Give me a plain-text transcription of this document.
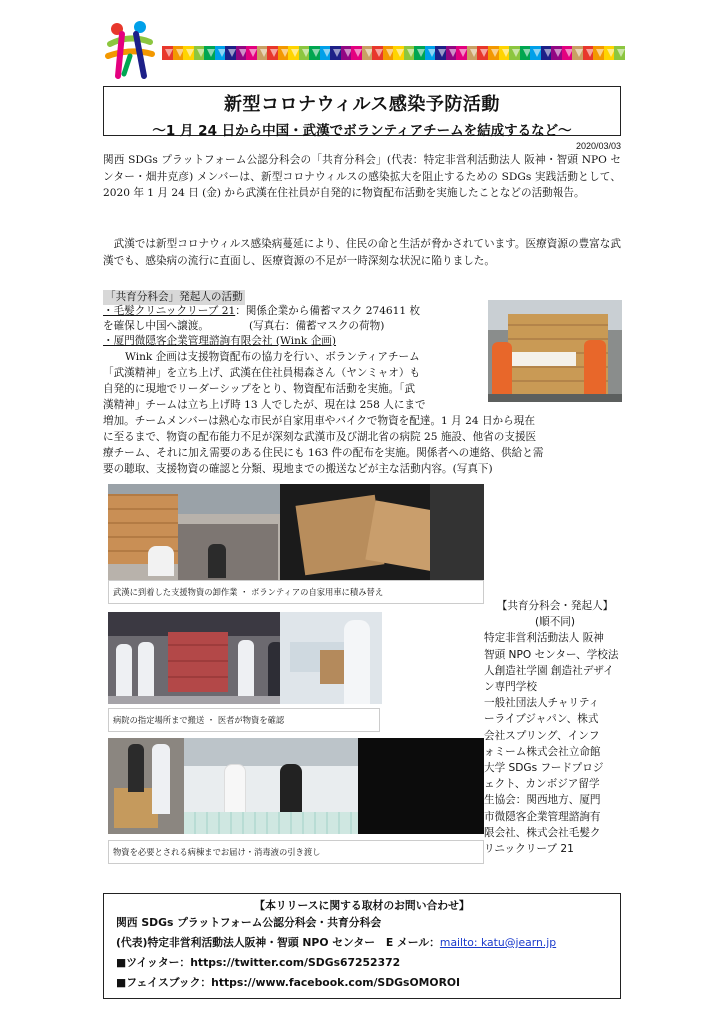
新型コロナウィルス感染予防活動
～1 月 24 日から中国・武漢でボランティアチームを結成するなど～
2020/03/03
関西 SDGs プラットフォーム公認分科会の「共育分科会」(代表：特定非営利活動法人 阪神・智頭 NPO センター・畑井克彦) メンバーは、新型コロナウィルスの感染拡大を阻止するための SDGs 実践活動として、2020 年 1 月 24 日 (金) から武漢在住社員が自発的に物資配布活動を実施したことなどの活動報告。
武漢では新型コロナウィルス感染病蔓延により、住民の命と生活が脅かされています。医療資源の豊富な武漢でも、感染病の流行に直面し、医療資源の不足が一時深刻な状況に陥りました。
「共育分科会」発起人の活動
・毛髪クリニックリーブ 21：関係企業から備蓄マスク 274611 枚
を確保し中国へ譲渡。	(写真右：備蓄マスクの荷物)
・厦門微隠客企業管理諮詢有限会社 (Wink 企画)
Wink 企画は支援物資配布の協力を行い、ボランティアチーム
「武漢精神」を立ち上げ、武漢在住社員楊森さん（ヤンミャオ）も
自発的に現地でリーダーシップをとり、物資配布活動を実施。「武
漢精神」チームは立ち上げ時 13 人でしたが、現在は 258 人にまで
増加。チームメンバーは熱心な市民が自家用車やバイクで物資を配達。1 月 24 日から現在
に至るまで、物資の配布能力不足が深刻な武漢市及び湖北省の病院 25 施設、他省の支援医
療チーム、それに加え需要のある住民にも 163 件の配布を実施。関係者への連絡、供給と需
要の聴取、支援物資の確認と分類、現地までの搬送などが主な活動内容。(写真下)
武漢に到着した支援物資の卸作業 ・ ボランティアの自家用車に積み替え
病院の指定場所まで搬送 ・ 医者が物資を確認
物資を必要とされる病棟までお届け・消毒液の引き渡し
【共育分科会・発起人】
(順不同)
特定非営利活動法人 阪神
智頭 NPO センター、学校法
人創造社学園 創造社デザイ
ン専門学校
一般社団法人チャリティ
ーライブジャパン、株式
会社スプリング、インフ
ォミーム株式会社立命館
大学 SDGs フードプロジ
ェクト、カンボジア留学
生協会：関西地方、厦門
市微隠客企業管理諮詢有
限会社、株式会社毛髪ク
リニックリーブ 21
【本リリースに関する取材のお問い合わせ】
関西 SDGs プラットフォーム公認分科会・共育分科会
(代表)特定非営利活動法人阪神・智頭 NPO センター　E メール：mailto: katu@jearn.jp
■ツイッター：https://twitter.com/SDGs67252372
■フェイスブック：https://www.facebook.com/SDGsOMOROI
